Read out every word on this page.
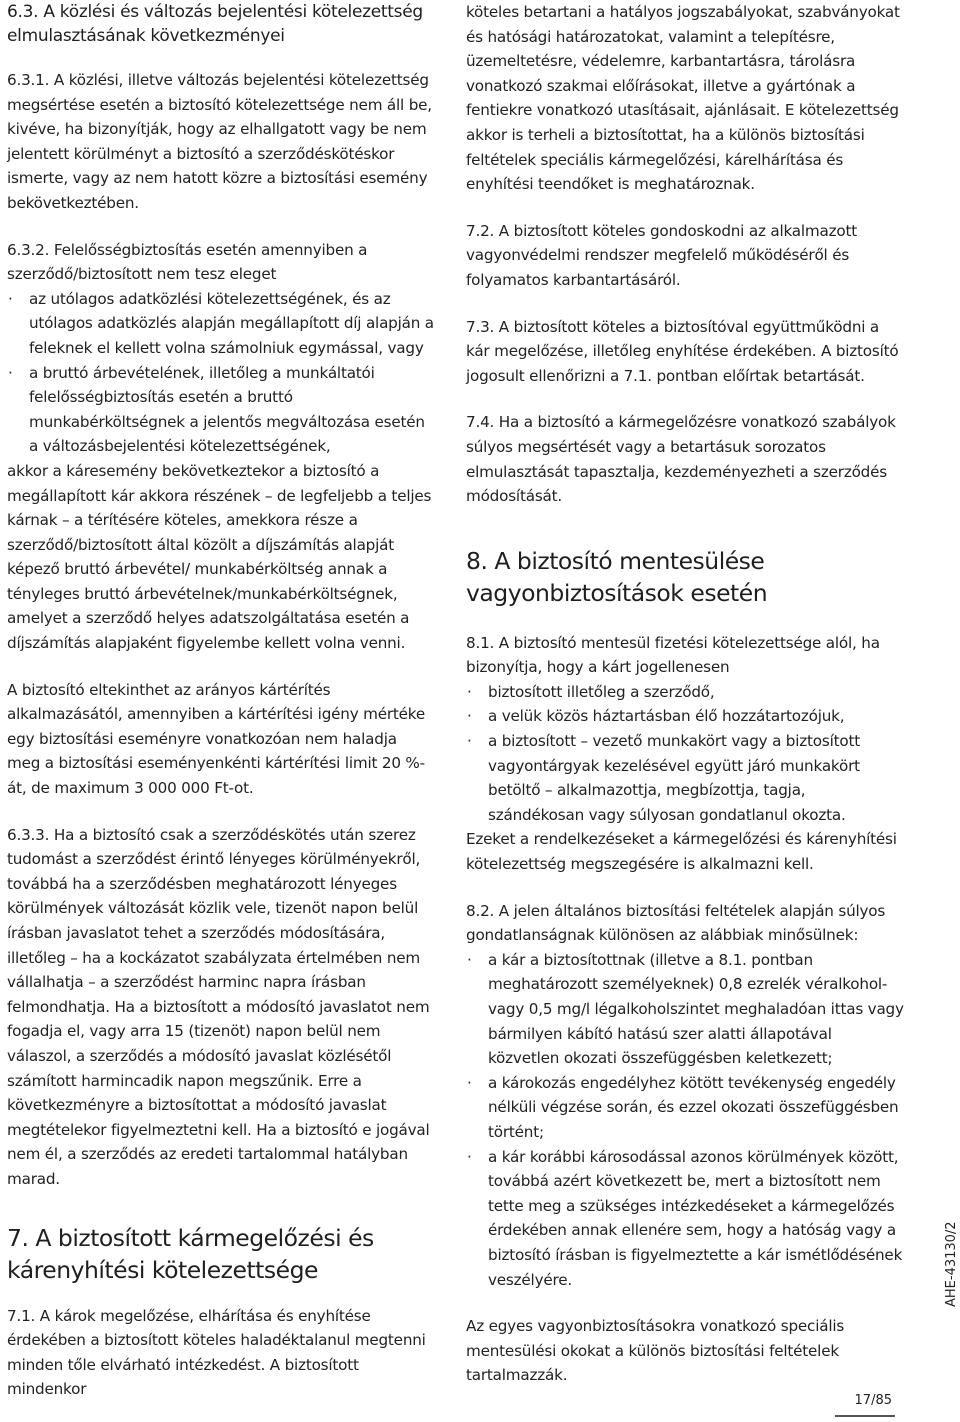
6.3. A közlési és változás bejelentési kötelezettség elmulasztásának következményei

6.3.1. A közlési, illetve változás bejelentési kötelezettség megsértése esetén a biztosító kötelezettsége nem áll be, kivéve, ha bizonyítják, hogy az elhallgatott vagy be nem jelentett körülményt a biztosító a szerződéskötéskor ismerte, vagy az nem hatott közre a biztosítási esemény bekövetkeztében.

6.3.2. Felelősségbiztosítás esetén amennyiben a szerződő/biztosított nem tesz eleget

· az utólagos adatközlési kötelezettségének, és az utólagos adatközlés alapján megállapított díj alapján a feleknek el kellett volna számolniuk egymással, vagy

· a bruttó árbevételének, illetőleg a munkáltatói felelősségbiztosítás esetén a bruttó munkabérköltségnek a jelentős megváltozása esetén a változásbejelentési kötelezettségének,

akkor a káresemény bekövetkeztekor a biztosító a megállapított kár akkora részének – de legfeljebb a teljes kárnak – a térítésére köteles, amekkora része a szerződő/biztosított által közölt a díjszámítás alapját képező bruttó árbevétel/ munkabérköltség annak a tényleges bruttó árbevételnek/munkabérköltségnek, amelyet a szerződő helyes adatszolgáltatása esetén a díjszámítás alapjaként figyelembe kellett volna venni.

A biztosító eltekinthet az arányos kártérítés alkalmazásától, amennyiben a kártérítési igény mértéke egy biztosítási eseményre vonatkozóan nem haladja meg a biztosítási eseményenkénti kártérítési limit 20 %-át, de maximum 3 000 000 Ft-ot.

6.3.3. Ha a biztosító csak a szerződéskötés után szerez tudomást a szerződést érintő lényeges körülményekről, továbbá ha a szerződésben meghatározott lényeges körülmények változását közlik vele, tizenöt napon belül írásban javaslatot tehet a szerződés módosítására, illetőleg – ha a kockázatot szabályzata értelmében nem vállalhatja – a szerződést harminc napra írásban felmondhatja. Ha a biztosított a módosító javaslatot nem fogadja el, vagy arra 15 (tizenöt) napon belül nem válaszol, a szerződés a módosító javaslat közlésétől számított harmincadik napon megszűnik. Erre a következményre a biztosítottat a módosító javaslat megtételekor figyelmeztetni kell. Ha a biztosító e jogával nem él, a szerződés az eredeti tartalommal hatályban marad.

7. A biztosított kármegelőzési és kárenyhítési kötelezettsége

7.1. A károk megelőzése, elhárítása és enyhítése érdekében a biztosított köteles haladéktalanul megtenni minden tőle elvárható intézkedést. A biztosított mindenkor

köteles betartani a hatályos jogszabályokat, szabványokat és hatósági határozatokat, valamint a telepítésre, üzemeltetésre, védelemre, karbantartásra, tárolásra vonatkozó szakmai előírásokat, illetve a gyártónak a fentiekre vonatkozó utasításait, ajánlásait. E kötelezettség akkor is terheli a biztosítottat, ha a különös biztosítási feltételek speciális kármegelőzési, kárelhárítása és enyhítési teendőket is meghatároznak.

7.2. A biztosított köteles gondoskodni az alkalmazott vagyonvédelmi rendszer megfelelő működéséről és folyamatos karbantartásáról.

7.3. A biztosított köteles a biztosítóval együttműködni a kár megelőzése, illetőleg enyhítése érdekében. A biztosító jogosult ellenőrizni a 7.1. pontban előírtak betartását.

7.4. Ha a biztosító a kármegelőzésre vonatkozó szabályok súlyos megsértését vagy a betartásuk sorozatos elmulasztását tapasztalja, kezdeményezheti a szerződés módosítását.

8. A biztosító mentesülése vagyonbiztosítások esetén

8.1. A biztosító mentesül fizetési kötelezettsége alól, ha bizonyítja, hogy a kárt jogellenesen

· biztosított illetőleg a szerződő,

· a velük közös háztartásban élő hozzátartozójuk,

· a biztosított – vezető munkakört vagy a biztosított vagyontárgyak kezelésével együtt járó munkakört betöltő – alkalmazottja, megbízottja, tagja, szándékosan vagy súlyosan gondatlanul okozta.

Ezeket a rendelkezéseket a kármegelőzési és kárenyhítési kötelezettség megszegésére is alkalmazni kell.

8.2. A jelen általános biztosítási feltételek alapján súlyos gondatlanságnak különösen az alábbiak minősülnek:

· a kár a biztosítottnak (illetve a 8.1. pontban meghatározott személyeknek) 0,8 ezrelék véralkohol- vagy 0,5 mg/l légalkoholszintet meghaladóan ittas vagy bármilyen kábító hatású szer alatti állapotával közvetlen okozati összefüggésben keletkezett;

· a károkozás engedélyhez kötött tevékenység engedély nélküli végzése során, és ezzel okozati összefüggésben történt;

· a kár korábbi károsodással azonos körülmények között, továbbá azért következett be, mert a biztosított nem tette meg a szükséges intézkedéseket a kármegelőzés érdekében annak ellenére sem, hogy a hatóság vagy a biztosító írásban is figyelmeztette a kár ismétlődésének veszélyére.

Az egyes vagyonbiztosításokra vonatkozó speciális mentesülési okokat a különös biztosítási feltételek tartalmazzák.

AHE-43130/2
17/85
